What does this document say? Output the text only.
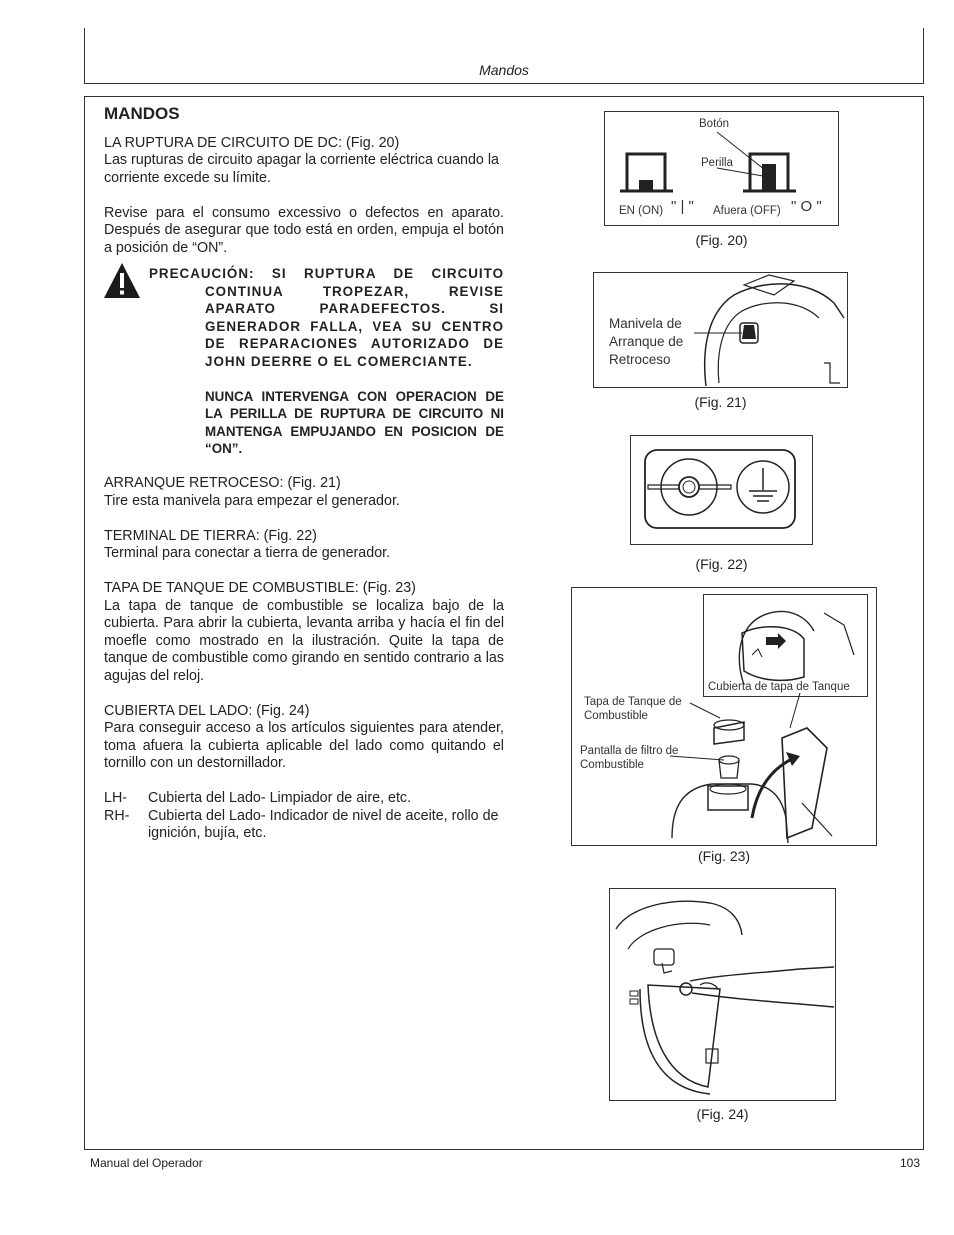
Mandos

MANDOS

LA RUPTURA DE CIRCUITO DE DC: (Fig. 20)

Las rupturas de circuito apagar la corriente eléctrica cuando la corriente excede su límite.

Revise para el consumo excessivo o defectos en aparato. Después de asegurar que todo está en orden, empuja el botón a posición de “ON”.

PRECAUCIÓN: SI RUPTURA DE CIRCUITO CONTINUA TROPEZAR, REVISE APARATO PARADEFECTOS. SI GENERADOR FALLA, VEA SU CENTRO DE REPARACIONES AUTORIZADO DE JOHN DEERRE O EL COMERCIANTE.

NUNCA INTERVENGA CON OPERACION DE LA PERILLA DE RUPTURA DE CIRCUITO NI MANTENGA EMPUJANDO EN POSICION DE “ON”.

ARRANQUE RETROCESO: (Fig. 21)

Tire esta manivela para empezar el generador.

TERMINAL DE TIERRA: (Fig. 22)

Terminal para conectar a tierra de generador.

TAPA DE TANQUE DE COMBUSTIBLE: (Fig. 23)

La tapa de tanque de combustible se localiza bajo de la cubierta. Para abrir la cubierta, levanta arriba y hacía el fin del moefle como mostrado en la ilustración. Quite la tapa de tanque de combustible como girando en sentido contrario a las agujas del reloj.

CUBIERTA DEL LADO: (Fig. 24)

Para conseguir acceso a los artículos siguientes para atender, toma afuera la cubierta aplicable del lado como quitando el tornillo con un destornillador.

LH-	Cubierta del Lado- Limpiador de aire, etc.
RH-	Cubierta del Lado- Indicador de nivel de aceite, rollo de ignición, bujía, etc.
Botón
Perilla
EN (ON) " | " Afuera (OFF) " O "
(Fig. 20)
Manivela de Arranque de Retroceso
(Fig. 21)
(Fig. 22)
Cubierta de tapa de Tanque
Tapa de Tanque de Combustible
Pantalla de filtro de Combustible
(Fig. 23)
(Fig. 24)
Manual del Operador	103
